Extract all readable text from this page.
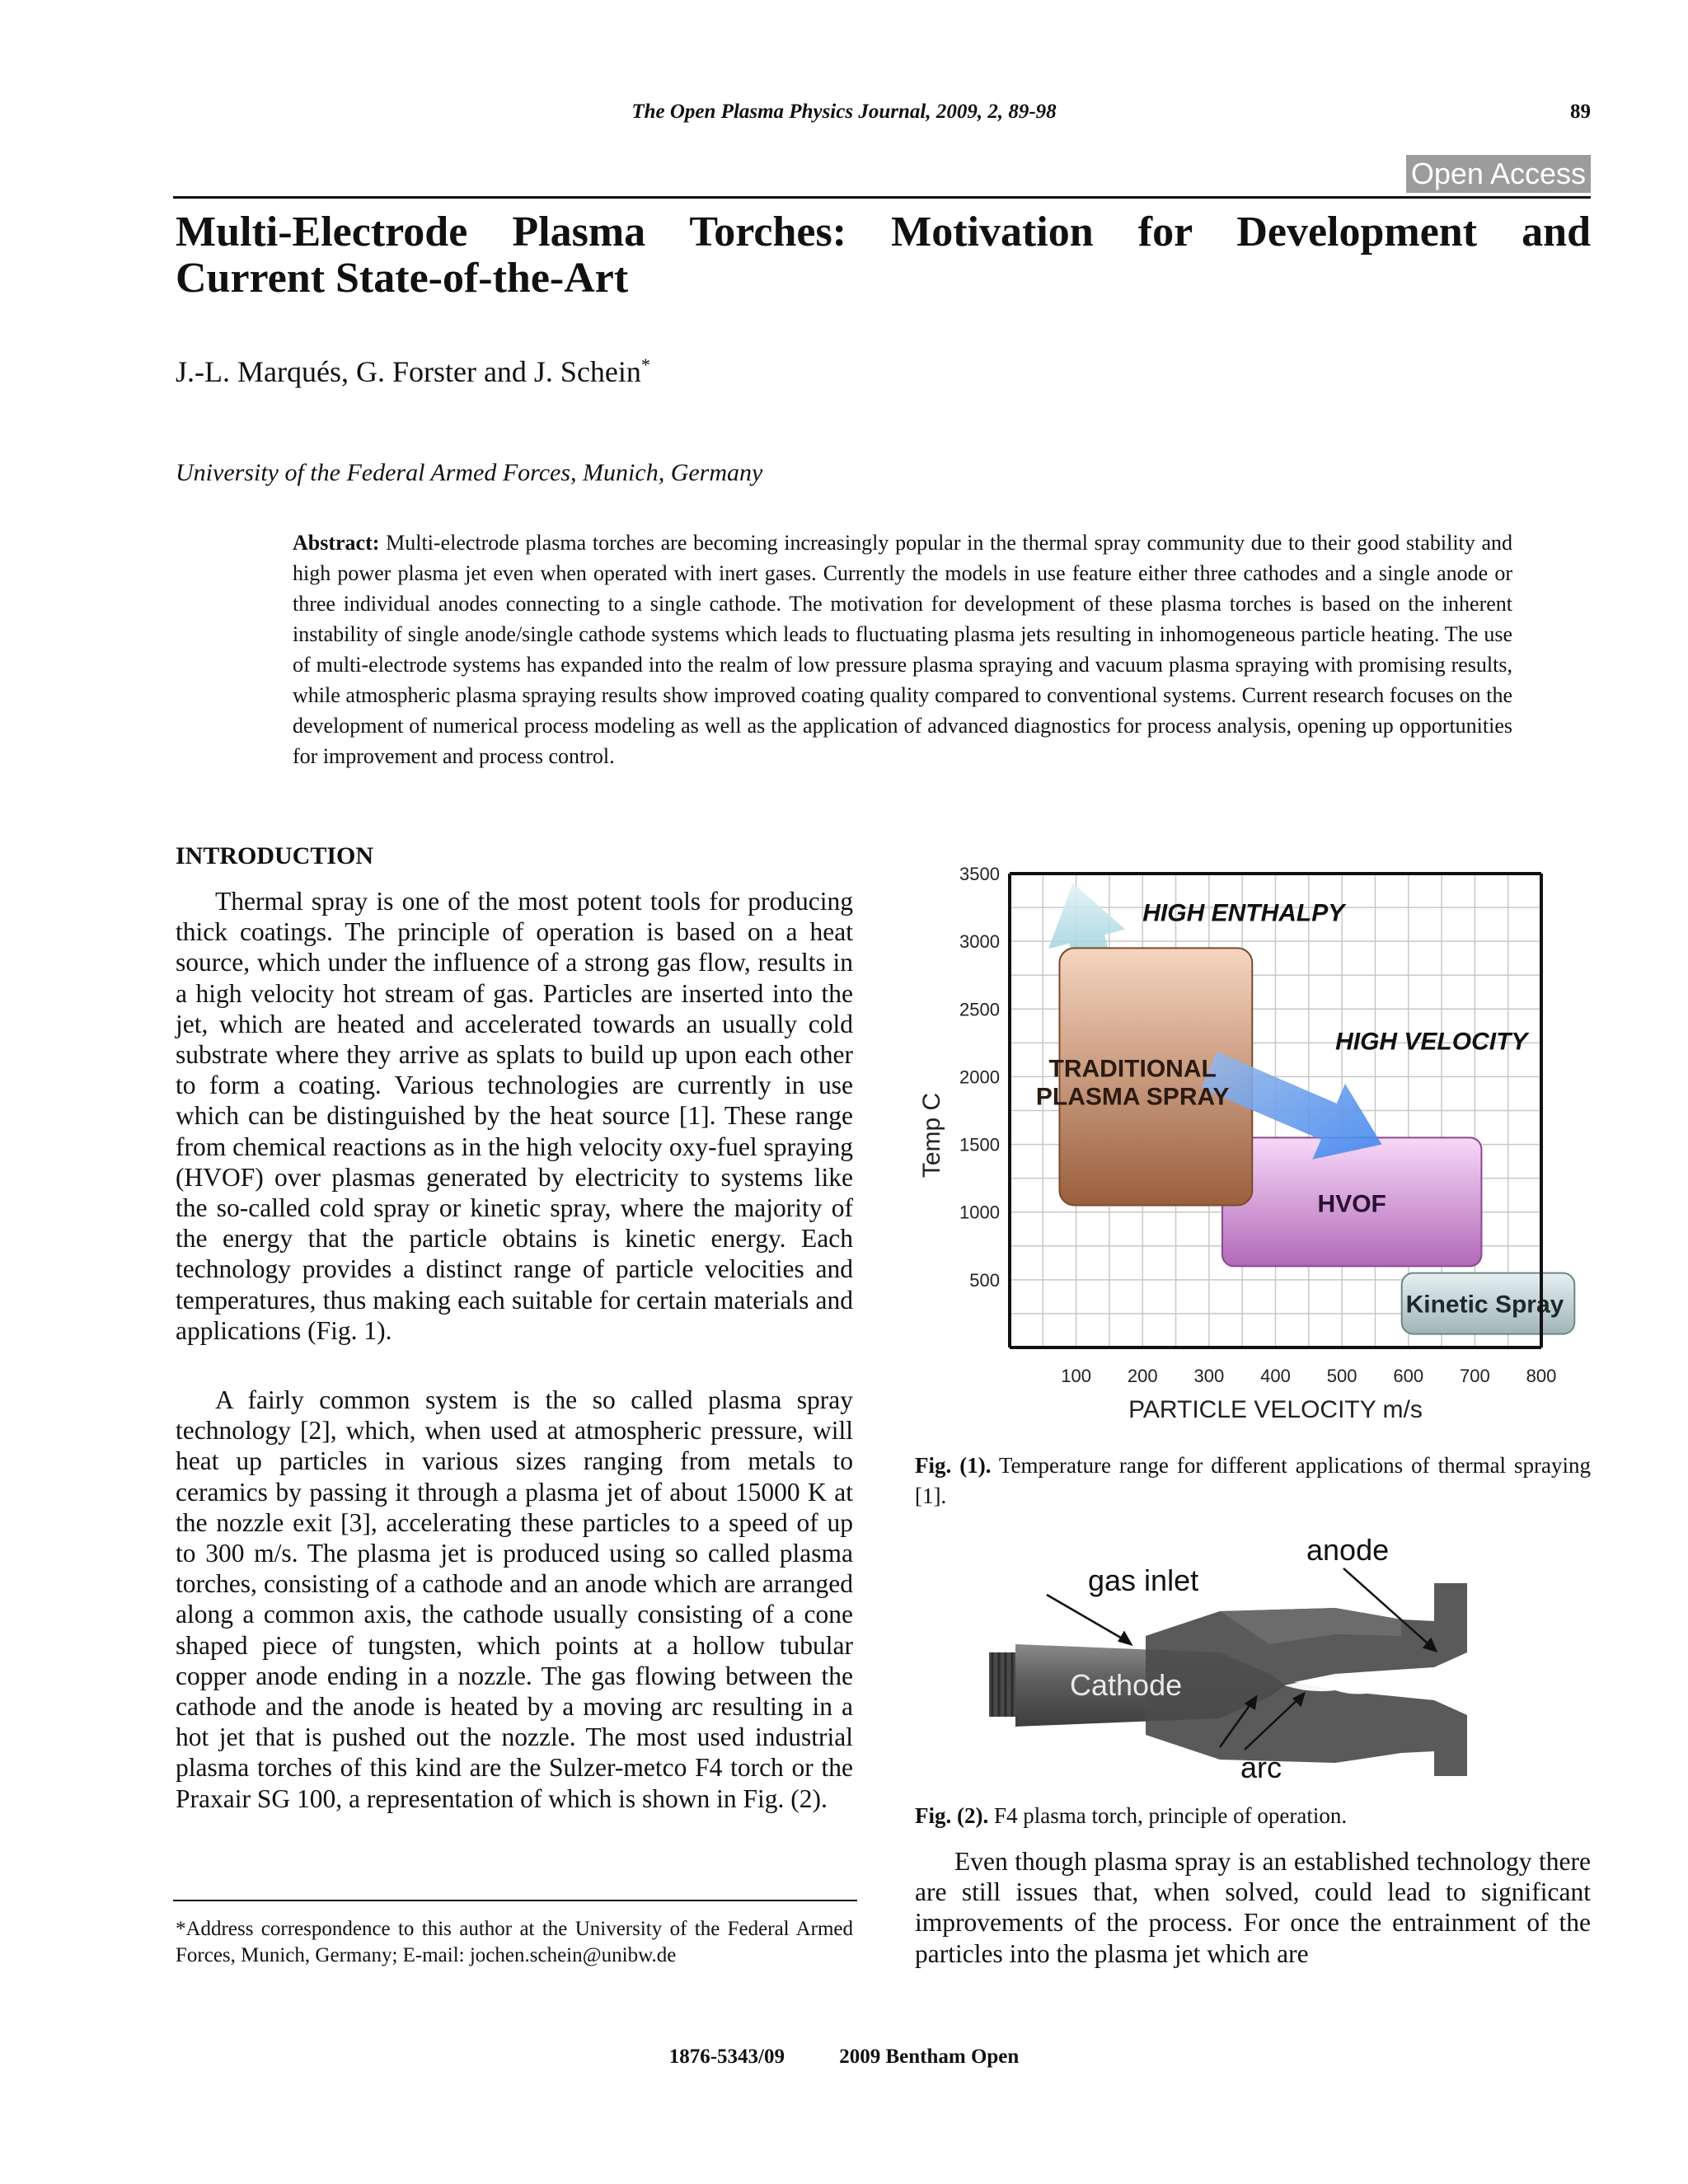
The Open Plasma Physics Journal, 2009, 2, 89-98	89
Open Access
Multi-Electrode Plasma Torches: Motivation for Development and
Current State-of-the-Art
J.-L. Marqués, G. Forster and J. Schein*
University of the Federal Armed Forces, Munich, Germany
Abstract: Multi-electrode plasma torches are becoming increasingly popular in the thermal spray community due to their good stability and high power plasma jet even when operated with inert gases. Currently the models in use feature either three cathodes and a single anode or three individual anodes connecting to a single cathode. The motivation for development of these plasma torches is based on the inherent instability of single anode/single cathode systems which leads to fluctuating plasma jets resulting in inhomogeneous particle heating. The use of multi-electrode systems has expanded into the realm of low pressure plasma spraying and vacuum plasma spraying with promising results, while atmospheric plasma spraying results show improved coating quality compared to conventional systems. Current research focuses on the development of numerical process modeling as well as the application of advanced diagnostics for process analysis, opening up opportunities for improvement and process control.
INTRODUCTION

Thermal spray is one of the most potent tools for producing thick coatings. The principle of operation is based on a heat source, which under the influence of a strong gas flow, results in a high velocity hot stream of gas. Particles are inserted into the jet, which are heated and accelerated towards an usually cold substrate where they arrive as splats to build up upon each other to form a coating. Various technologies are currently in use which can be distinguished by the heat source [1]. These range from chemical reactions as in the high velocity oxy-fuel spraying (HVOF) over plasmas generated by electricity to systems like the so-called cold spray or kinetic spray, where the majority of the energy that the particle obtains is kinetic energy. Each technology provides a distinct range of particle velocities and temperatures, thus making each suitable for certain materials and applications (Fig. 1).

A fairly common system is the so called plasma spray technology [2], which, when used at atmospheric pressure, will heat up particles in various sizes ranging from metals to ceramics by passing it through a plasma jet of about 15000 K at the nozzle exit [3], accelerating these particles to a speed of up to 300 m/s. The plasma jet is produced using so called plasma torches, consisting of a cathode and an anode which are arranged along a common axis, the cathode usually consisting of a cone shaped piece of tungsten, which points at a hollow tubular copper anode ending in a nozzle. The gas flowing between the cathode and the anode is heated by a moving arc resulting in a hot jet that is pushed out the nozzle. The most used industrial plasma torches of this kind are the Sulzer-metco F4 torch or the Praxair SG 100, a representation of which is shown in Fig. (2).

*Address correspondence to this author at the University of the Federal Armed Forces, Munich, Germany; E-mail: jochen.schein@unibw.de
TRADITIONAL PLASMA SPRAY
HVOF
Kinetic Spray
HIGH ENTHALPY
HIGH VELOCITY
100 200 300 400 500 600 700 800
500
1000
1500
2000
2500
3000
3500
PARTICLE VELOCITY m/s
Temp C
Fig. (1). Temperature range for different applications of thermal spraying [1].
anode
gas inlet
Cathode
arc
Fig. (2). F4 plasma torch, principle of operation.

Even though plasma spray is an established technology there are still issues that, when solved, could lead to significant improvements of the process. For once the entrainment of the particles into the plasma jet which are

1876-5343/09	2009 Bentham Open
